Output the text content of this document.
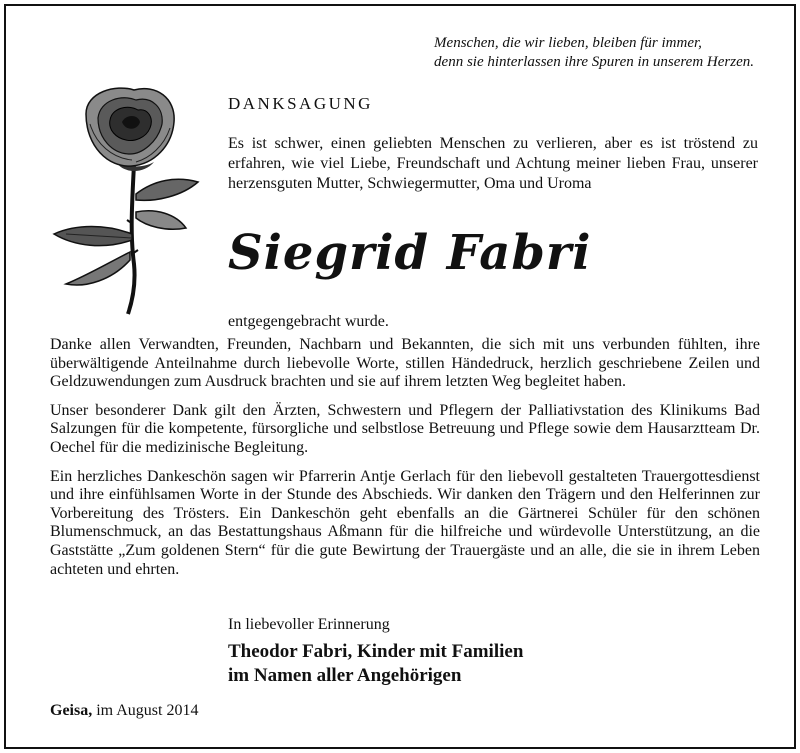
Menschen, die wir lieben, bleiben für immer,
denn sie hinterlassen ihre Spuren in unserem Herzen.
DANKSAGUNG
Es ist schwer, einen geliebten Menschen zu verlieren, aber es ist tröstend zu erfahren, wie viel Liebe, Freundschaft und Achtung meiner lieben Frau, unserer herzensguten Mutter, Schwiegermutter, Oma und Uroma
Siegrid Fabri
entgegengebracht wurde.

Danke allen Verwandten, Freunden, Nachbarn und Bekannten, die sich mit uns verbunden fühlten, ihre überwältigende Anteilnahme durch liebevolle Worte, stillen Händedruck, herzlich geschriebene Zeilen und Geldzuwendungen zum Ausdruck brachten und sie auf ihrem letzten Weg begleitet haben.

Unser besonderer Dank gilt den Ärzten, Schwestern und Pflegern der Palliativstation des Klinikums Bad Salzungen für die kompetente, fürsorgliche und selbstlose Betreuung und Pflege sowie dem Hausarztteam Dr. Oechel für die medizinische Begleitung.

Ein herzliches Dankeschön sagen wir Pfarrerin Antje Gerlach für den liebevoll gestalteten Trauergottesdienst und ihre einfühlsamen Worte in der Stunde des Abschieds. Wir danken den Trägern und den Helferinnen zur Vorbereitung des Trösters. Ein Dankeschön geht ebenfalls an die Gärtnerei Schüler für den schönen Blumenschmuck, an das Bestattungshaus Aßmann für die hilfreiche und würdevolle Unterstützung, an die Gaststätte „Zum goldenen Stern“ für die gute Bewirtung der Trauergäste und an alle, die sie in ihrem Leben achteten und ehrten.

In liebevoller Erinnerung
Theodor Fabri, Kinder mit Familien
im Namen aller Angehörigen
Geisa, im August 2014
